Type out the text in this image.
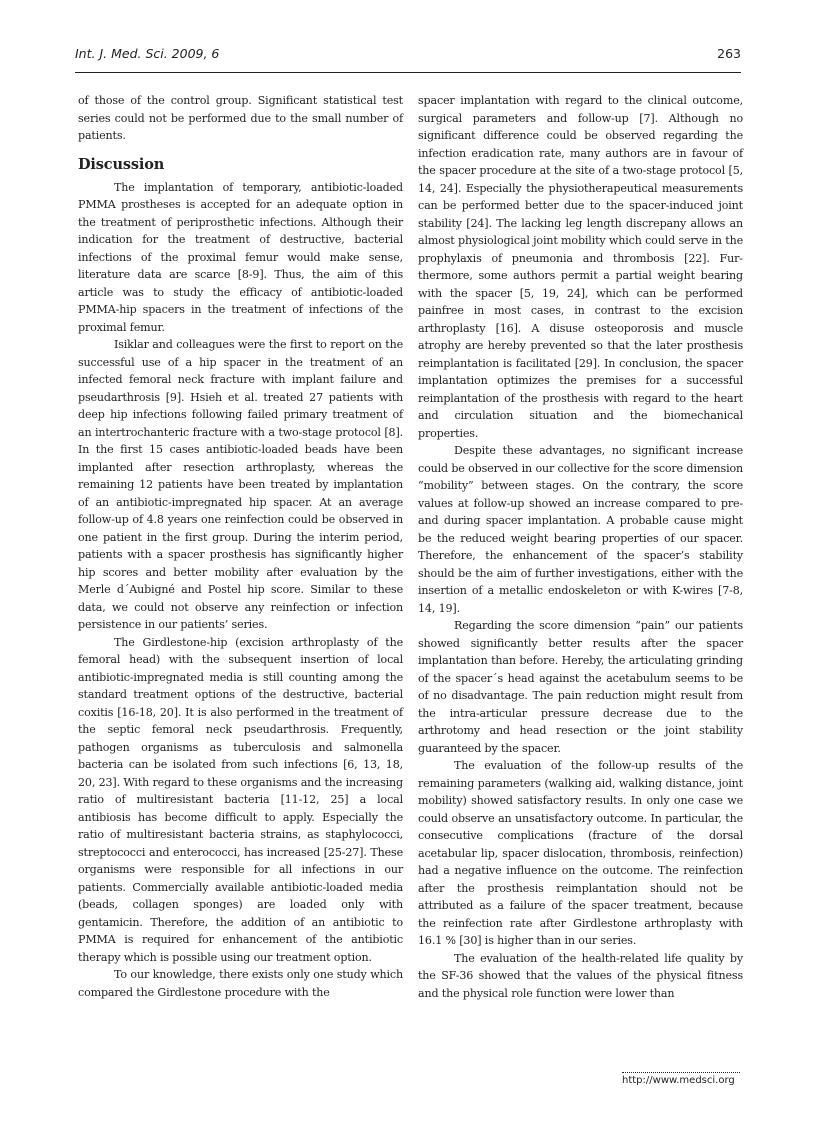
Int. J. Med. Sci. 2009, 6	263

of those of the control group. Significant statistical test series could not be performed due to the small number of patients.

Discussion

The implantation of temporary, antibiotic-loaded PMMA prostheses is accepted for an adequate option in the treatment of periprosthetic infections. Although their indication for the treatment of destructive, bacterial infections of the proximal femur would make sense, literature data are scarce [8-9]. Thus, the aim of this article was to study the efficacy of antibiotic-loaded PMMA-hip spacers in the treatment of infections of the proximal femur.

Isiklar and colleagues were the first to report on the successful use of a hip spacer in the treatment of an infected femoral neck fracture with implant failure and pseudarthrosis [9]. Hsieh et al. treated 27 patients with deep hip infections following failed primary treatment of an intertrochanteric fracture with a two-stage protocol [8]. In the first 15 cases antibiotic-loaded beads have been implanted after resection arthroplasty, whereas the remaining 12 patients have been treated by implantation of an antibiotic-impregnated hip spacer. At an average follow-up of 4.8 years one reinfection could be observed in one patient in the first group. During the interim period, patients with a spacer prosthesis has significantly higher hip scores and better mobility after evaluation by the Merle d´Aubigné and Postel hip score. Similar to these data, we could not observe any reinfection or infection persistence in our patients’ series.

The Girdlestone-hip (excision arthroplasty of the femoral head) with the subsequent insertion of local antibiotic-impregnated media is still counting among the standard treatment options of the destructive, bacterial coxitis [16-18, 20]. It is also performed in the treatment of the septic femoral neck pseudarthrosis. Frequently, pathogen organisms as tuberculosis and salmonella bacteria can be isolated from such infections [6, 13, 18, 20, 23]. With regard to these organisms and the increasing ratio of multiresistant bacteria [11-12, 25] a local antibiosis has become difficult to apply. Especially the ratio of multiresistant bacteria strains, as staphylococci, streptococci and enterococci, has increased [25-27]. These organisms were responsible for all infections in our patients. Commercially available antibiotic-loaded media (beads, collagen sponges) are loaded only with gentamicin. Therefore, the addition of an antibiotic to PMMA is required for enhancement of the antibiotic therapy which is possible using our treatment option.

To our knowledge, there exists only one study which compared the Girdlestone procedure with the

spacer implantation with regard to the clinical outcome, surgical parameters and follow-up [7]. Although no significant difference could be observed regarding the infection eradication rate, many authors are in favour of the spacer procedure at the site of a two-stage protocol [5, 14, 24]. Especially the physiotherapeutical measurements can be performed better due to the spacer-induced joint stability [24]. The lacking leg length discrepany allows an almost physiological joint mobility which could serve in the prophylaxis of pneumonia and thrombosis [22]. Furthermore, some authors permit a partial weight bearing with the spacer [5, 19, 24], which can be performed painfree in most cases, in contrast to the excision arthroplasty [16]. A disuse osteoporosis and muscle atrophy are hereby prevented so that the later prosthesis reimplantation is facilitated [29]. In conclusion, the spacer implantation optimizes the premises for a successful reimplantation of the prosthesis with regard to the heart and circulation situation and the biomechanical properties.

Despite these advantages, no significant increase could be observed in our collective for the score dimension “mobility” between stages. On the contrary, the score values at follow-up showed an increase compared to pre- and during spacer implantation. A probable cause might be the reduced weight bearing properties of our spacer. Therefore, the enhancement of the spacer’s stability should be the aim of further investigations, either with the insertion of a metallic endoskeleton or with K-wires [7-8, 14, 19].

Regarding the score dimension “pain” our patients showed significantly better results after the spacer implantation than before. Hereby, the articulating grinding of the spacer´s head against the acetabulum seems to be of no disadvantage. The pain reduction might result from the intra-articular pressure decrease due to the arthrotomy and head resection or the joint stability guaranteed by the spacer.

The evaluation of the follow-up results of the remaining parameters (walking aid, walking distance, joint mobility) showed satisfactory results. In only one case we could observe an unsatisfactory outcome. In particular, the consecutive complications (fracture of the dorsal acetabular lip, spacer dislocation, thrombosis, reinfection) had a negative influence on the outcome. The reinfection after the prosthesis reimplantation should not be attributed as a failure of the spacer treatment, because the reinfection rate after Girdlestone arthroplasty with 16.1 % [30] is higher than in our series.

The evaluation of the health-related life quality by the SF-36 showed that the values of the physical fitness and the physical role function were lower than

http://www.medsci.org
